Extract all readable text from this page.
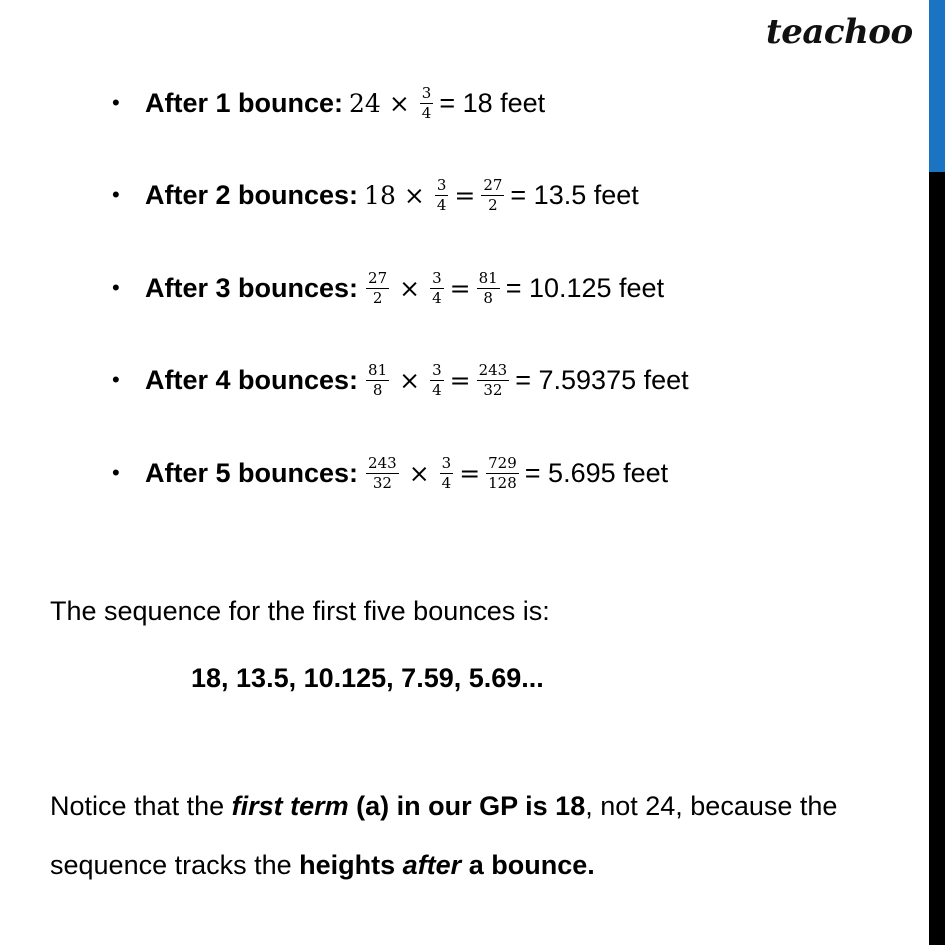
teachoo
• After 1 bounce: $24 \times \frac{3}{4} = 18$ feet
• After 2 bounces: $18 \times \frac{3}{4} = \frac{27}{2} = 13.5$ feet
• After 3 bounces: $\frac{27}{2} \times \frac{3}{4} = \frac{81}{8} = 10.125$ feet
• After 4 bounces: $\frac{81}{8} \times \frac{3}{4} = \frac{243}{32} = 7.59375$ feet
• After 5 bounces: $\frac{243}{32} \times \frac{3}{4} = \frac{729}{128} = 5.695$ feet
The sequence for the first five bounces is:
18, 13.5, 10.125, 7.59, 5.69...
Notice that the first term (a) in our GP is 18, not 24, because the
sequence tracks the heights after a bounce.
